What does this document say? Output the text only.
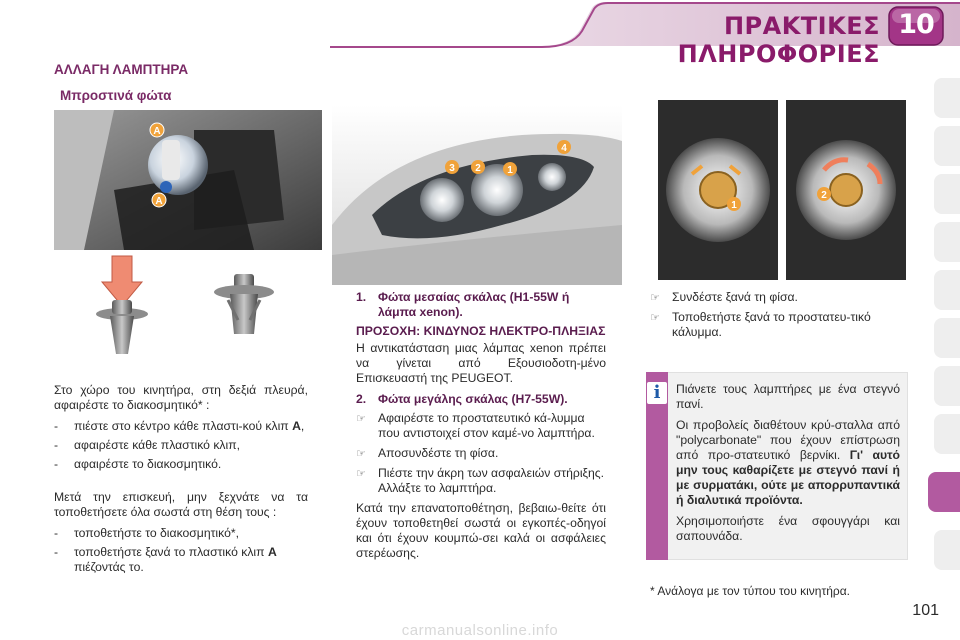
ΠΡΑΚΤΙΚΕΣ ΠΛΗΡΟΦΟΡΙΕΣ
10
ΑΛΛΑΓΗ ΛΑΜΠΤΗΡΑ
Μπροστινά φώτα
A
A
3 2	1
4
1
2

Στο χώρο του κινητήρα, στη δεξιά πλευρά, αφαιρέστε το διακοσμητικό* :

-	πιέστε στο κέντρο κάθε πλαστι-κού κλιπ A,
-	αφαιρέστε κάθε πλαστικό κλιπ,
-	αφαιρέστε το διακοσμητικό.

Μετά την επισκευή, μην ξεχνάτε να τα τοποθετήσετε όλα σωστά στη θέση τους :

-	τοποθετήστε το διακοσμητικό*,
-	τοποθετήστε ξανά το πλαστικό κλιπ A πιέζοντάς το.
1. Φώτα μεσαίας σκάλας (H1-55W ή λάμπα xenon).

ΠΡΟΣΟΧΗ: ΚΙΝΔΥΝΟΣ ΗΛΕΚΤΡΟ-ΠΛΗΞΙΑΣ

Η αντικατάσταση μιας λάμπας xenon πρέπει να γίνεται από Εξουσιοδοτη-μένο Επισκευαστή της PEUGEOT.

2. Φώτα μεγάλης σκάλας (H7-55W).
☞ Αφαιρέστε το προστατευτικό κά-λυμμα που αντιστοιχεί στον καμέ-νο λαμπτήρα.
☞ Αποσυνδέστε τη φίσα.
☞ Πιέστε την άκρη των ασφαλειών στήριξης. Αλλάξτε το λαμπτήρα.

Κατά την επανατοποθέτηση, βεβαιω-θείτε ότι έχουν τοποθετηθεί σωστά οι εγκοπές-οδηγοί και ότι έχουν κουμπώ-σει καλά οι ασφάλειες στερέωσης.

☞ Συνδέστε ξανά τη φίσα.
☞ Τοποθετήστε ξανά το προστατευ-τικό κάλυμμα.
i	Πιάνετε τους λαμπτήρες με ένα στεγνό πανί.

Οι προβολείς διαθέτουν κρύ-σταλλα από "polycarbonate" που έχουν επίστρωση από προ-στατευτικό βερνίκι. Γι' αυτό μην τους καθαρίζετε με στεγνό πανί ή με συρματάκι, ούτε με απορρυπαντικά ή διαλυτικά προϊόντα.

Χρησιμοποιήστε ένα σφουγγάρι και σαπουνάδα.

* Ανάλογα με τον τύπου του κινητήρα.
101
carmanualsonline.info
